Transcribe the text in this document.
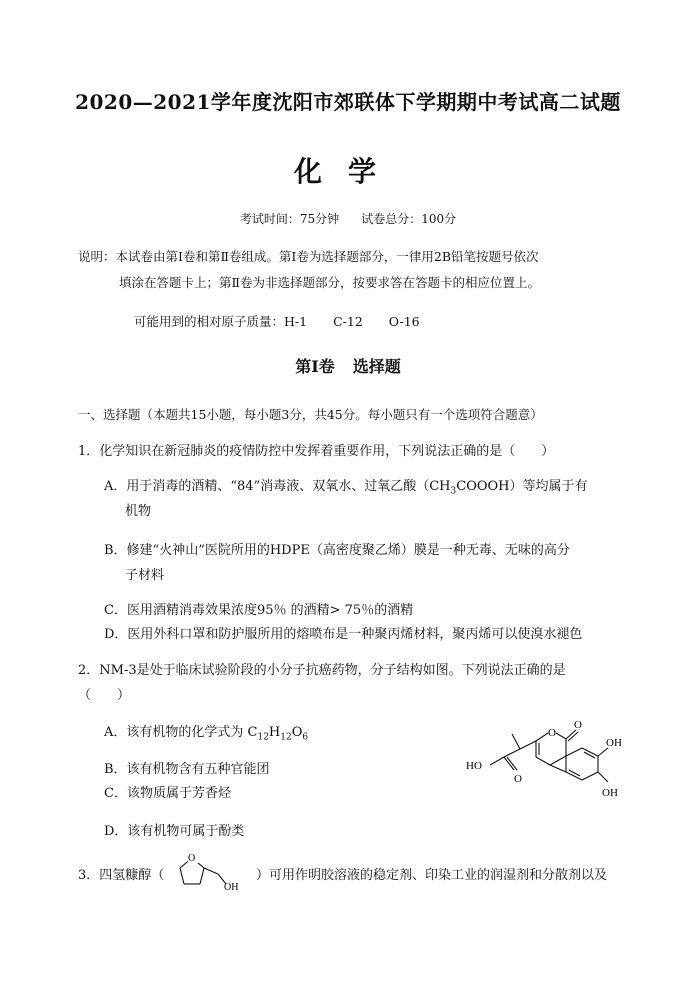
2020—2021学年度沈阳市郊联体下学期期中考试高二试题
化学
考试时间：75分钟 试卷总分：100分
说明：本试卷由第Ⅰ卷和第Ⅱ卷组成。第Ⅰ卷为选择题部分，一律用2B铅笔按题号依次
填涂在答题卡上；第Ⅱ卷为非选择题部分，按要求答在答题卡的相应位置上。
可能用到的相对原子质量：H-1 C-12 O-16
第Ⅰ卷 选择题
一、选择题（本题共15小题，每小题3分，共45分。每小题只有一个选项符合题意）
1．化学知识在新冠肺炎的疫情防控中发挥着重要作用，下列说法正确的是（　　）
A．用于消毒的酒精、“84”消毒液、双氧水、过氧乙酸$(CH_3COOOH)$等均属于有
机物
B．修建“火神山”医院所用的HDPE（高密度聚乙烯）膜是一种无毒、无味的高分
子材料
C．医用酒精消毒效果浓度95％ 的酒精> 75％的酒精
D．医用外科口罩和防护服所用的熔喷布是一种聚丙烯材料，聚丙烯可以使溴水褪色
2．NM-3是处于临床试验阶段的小分子抗癌药物，分子结构如图。下列说法正确的是
（　　）
A．该有机物的化学式为 $C_{12}H_{12}O_6$
B．该有机物含有五种官能团
C．该物质属于芳香烃
D．该有机物可属于酚类
HO
O
O
O
OH
OH
3．四氢糠醇（
O
OH
）可用作明胶溶液的稳定剂、印染工业的润湿剂和分散剂以及
